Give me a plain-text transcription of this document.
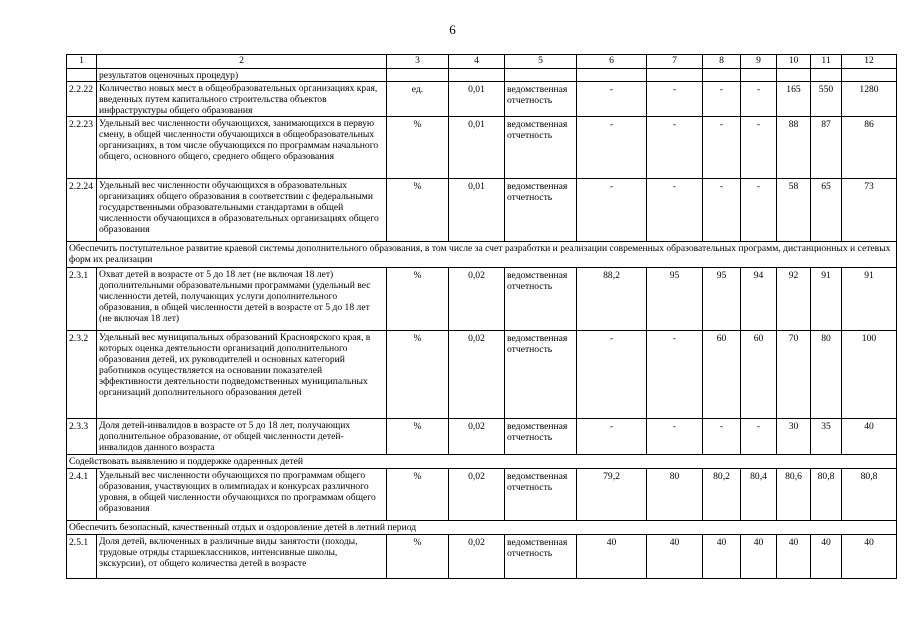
6
1	2	3	4	5	6	7	8	9	10	11	12
	результатов оценочных процедур)										
2.2.22	Количество новых мест в общеобразовательных организациях края, введенных путем капитального строительства объектов инфраструктуры общего образования	ед.	0,01	ведомственная отчетность	-	-	-	-	165	550	1280
2.2.23	Удельный вес численности обучающихся, занимающихся в первую смену, в общей численности обучающихся в общеобразовательных организациях, в том числе обучающихся по программам начального общего, основного общего, среднего общего образования	%	0,01	ведомственная отчетность	-	-	-	-	88	87	86
2.2.24	Удельный вес численности обучающихся в образовательных организациях общего образования в соответствии с федеральными государственными образовательными стандартами в общей численности обучающихся в образовательных организациях общего образования	%	0,01	ведомственная отчетность	-	-	-	-	58	65	73
Обеспечить поступательное развитие краевой системы дополнительного образования, в том числе за счет разработки и реализации современных образовательных программ, дистанционных и сетевых форм их реализации											
2.3.1	Охват детей в возрасте от 5 до 18 лет (не включая 18 лет) дополнительными образовательными программами (удельный вес численности детей, получающих услуги дополнительного образования, в общей численности детей в возрасте от 5 до 18 лет (не включая 18 лет)	%	0,02	ведомственная отчетность	88,2	95	95	94	92	91	91
2.3.2	Удельный вес муниципальных образований Красноярского края, в которых оценка деятельности организаций дополнительного образования детей, их руководителей и основных категорий работников осуществляется на основании показателей эффективности деятельности подведомственных муниципальных организаций дополнительного образования детей	%	0,02	ведомственная отчетность	-	-	60	60	70	80	100
2.3.3	Доля детей-инвалидов в возрасте от 5 до 18 лет, получающих дополнительное образование, от общей численности детей-инвалидов данного возраста	%	0,02	ведомственная отчетность	-	-	-	-	30	35	40
Содействовать выявлению и поддержке одаренных детей											
2.4.1	Удельный вес численности обучающихся по программам общего образования, участвующих в олимпиадах и конкурсах различного уровня, в общей численности обучающихся по программам общего образования	%	0,02	ведомственная отчетность	79,2	80	80,2	80,4	80,6	80,8	80,8
Обеспечить безопасный, качественный отдых и оздоровление детей в летний период											
2.5.1	Доля детей, включенных в различные виды занятости (походы, трудовые отряды старшеклассников, интенсивные школы, экскурсии), от общего количества детей в возрасте	%	0,02	ведомственная отчетность	40	40	40	40	40	40	40
